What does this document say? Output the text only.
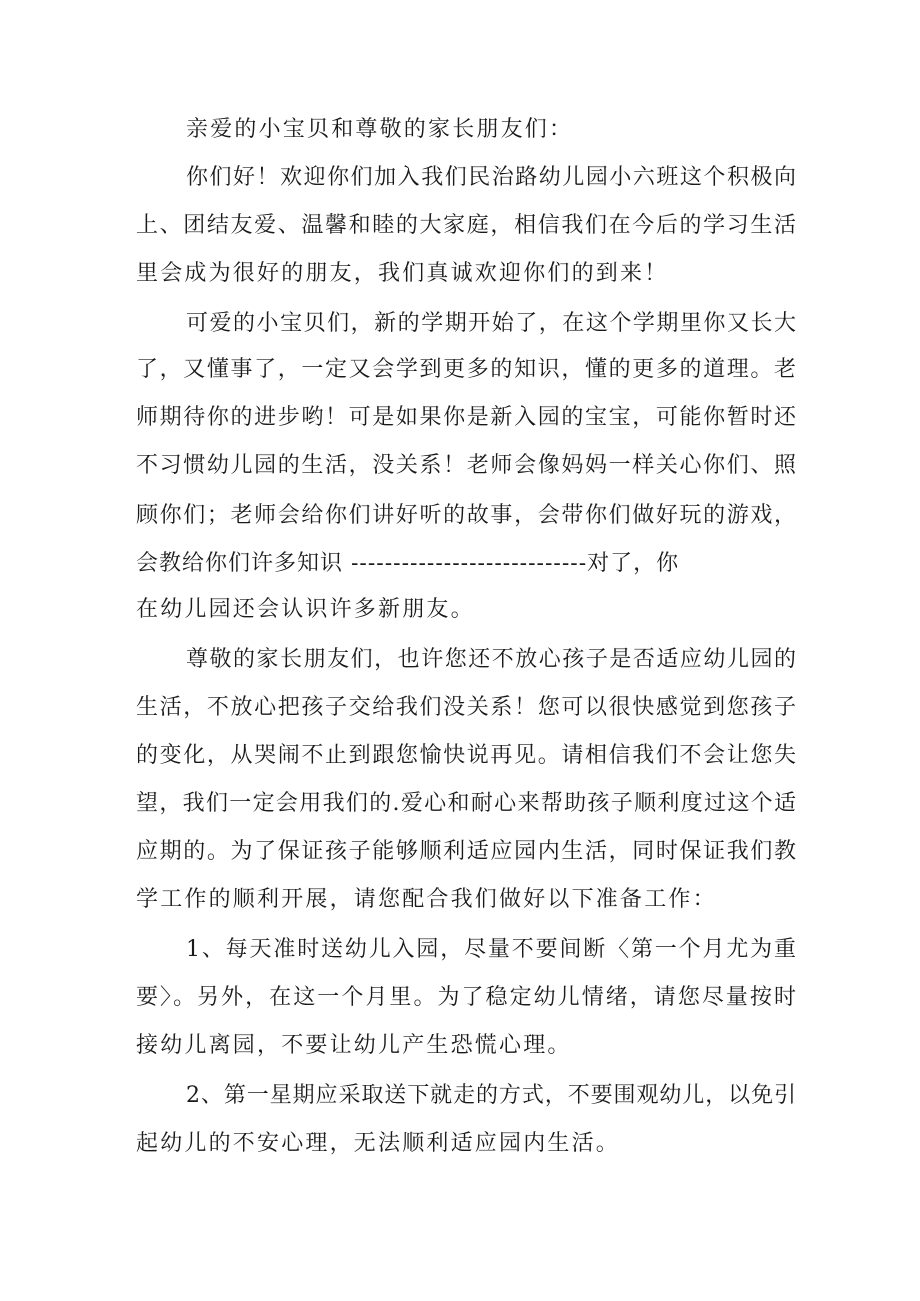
亲爱的小宝贝和尊敬的家长朋友们：
你们好！欢迎你们加入我们民治路幼儿园小六班这个积极向
上、团结友爱、温馨和睦的大家庭，相信我们在今后的学习生活
里会成为很好的朋友，我们真诚欢迎你们的到来！
可爱的小宝贝们，新的学期开始了，在这个学期里你又长大
了，又懂事了，一定又会学到更多的知识，懂的更多的道理。老
师期待你的进步哟！可是如果你是新入园的宝宝，可能你暂时还
不习惯幼儿园的生活，没关系！老师会像妈妈一样关心你们、照
顾你们；老师会给你们讲好听的故事，会带你们做好玩的游戏，
会教给你们许多知识 ----------------------------对了，你
在幼儿园还会认识许多新朋友。
尊敬的家长朋友们，也许您还不放心孩子是否适应幼儿园的
生活，不放心把孩子交给我们没关系！您可以很快感觉到您孩子
的变化，从哭闹不止到跟您愉快说再见。请相信我们不会让您失
望，我们一定会用我们的.爱心和耐心来帮助孩子顺利度过这个适
应期的。为了保证孩子能够顺利适应园内生活，同时保证我们教
学工作的顺利开展，请您配合我们做好以下准备工作：
1、每天准时送幼儿入园，尽量不要间断〈第一个月尤为重
要〉。另外，在这一个月里。为了稳定幼儿情绪，请您尽量按时
接幼儿离园，不要让幼儿产生恐慌心理。
2、第一星期应采取送下就走的方式，不要围观幼儿，以免引
起幼儿的不安心理，无法顺利适应园内生活。
